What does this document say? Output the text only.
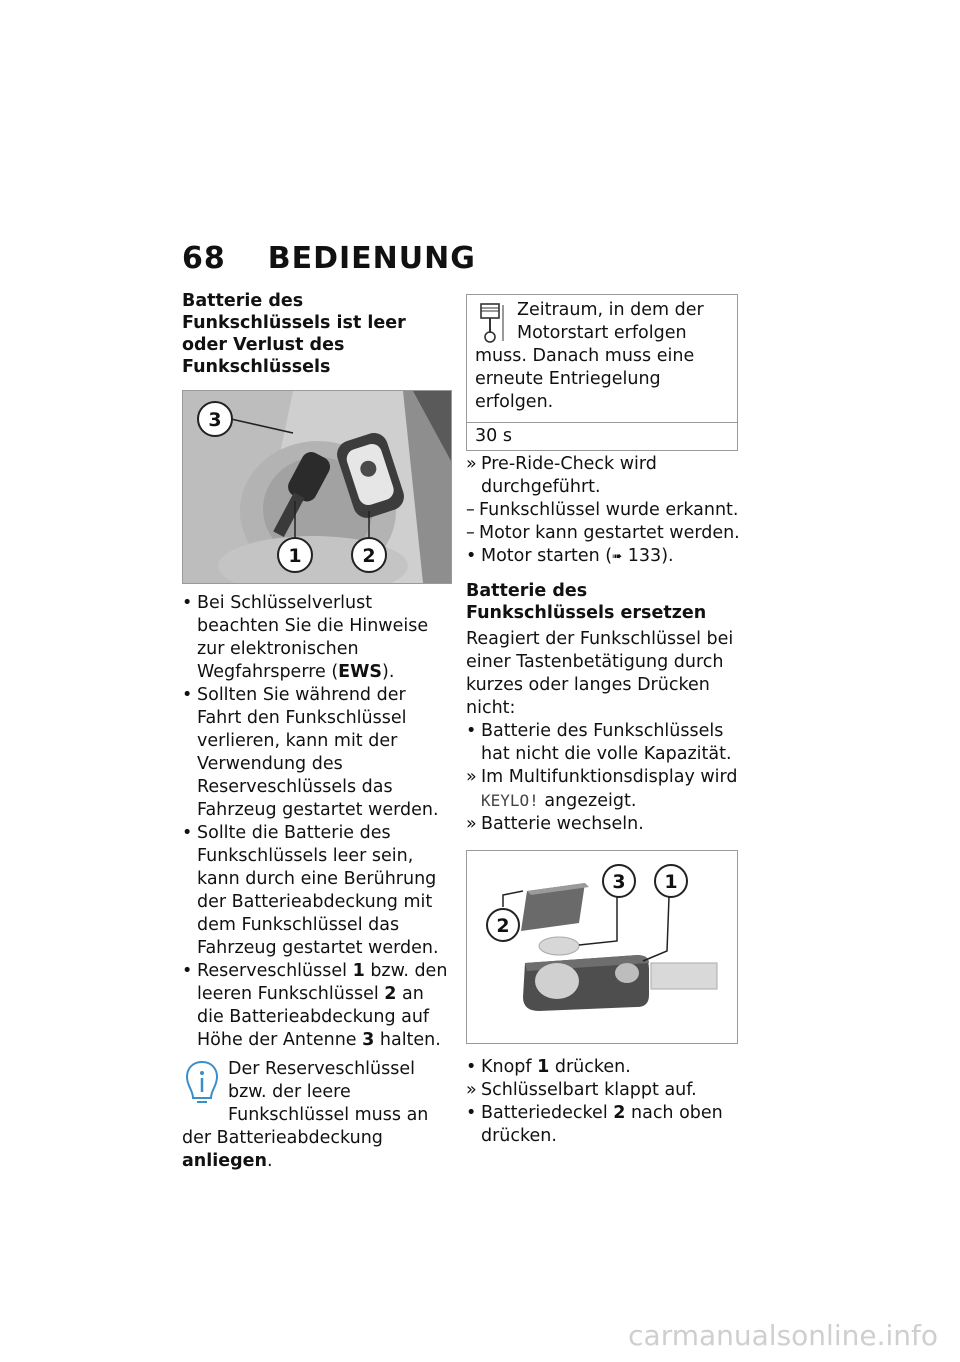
68 BEDIENUNG
Batterie des Funkschlüssels ist leer oder Verlust des Funkschlüssels
3
1	2
• Bei Schlüsselverlust beachten Sie die Hinweise zur elektronischen Wegfahrsperre (EWS).
• Sollten Sie während der Fahrt den Funkschlüssel verlieren, kann mit der Verwendung des Reserveschlüssels das Fahrzeug gestartet werden.
• Sollte die Batterie des Funkschlüssels leer sein, kann durch eine Berührung der Batterieabdeckung mit dem Funkschlüssel das Fahrzeug gestartet werden.
• Reserveschlüssel 1 bzw. den leeren Funkschlüssel 2 an die Batterieabdeckung auf Höhe der Antenne 3 halten.
Der Reserveschlüssel bzw. der leere Funkschlüssel muss an der Batterieabdeckung anliegen.
Zeitraum, in dem der Motorstart erfolgen muss. Danach muss eine erneute Entriegelung erfolgen.
30 s
» Pre-Ride-Check wird durchgeführt.
– Funkschlüssel wurde erkannt.
– Motor kann gestartet werden.
• Motor starten (➠ 133).
Batterie des Funkschlüssels ersetzen
Reagiert der Funkschlüssel bei einer Tastenbetätigung durch kurzes oder langes Drücken nicht:
• Batterie des Funkschlüssels hat nicht die volle Kapazität.
» Im Multifunktionsdisplay wird KEYLO! angezeigt.
» Batterie wechseln.
2
3 1
• Knopf 1 drücken.
» Schlüsselbart klappt auf.
• Batteriedeckel 2 nach oben drücken.
carmanualsonline.info
